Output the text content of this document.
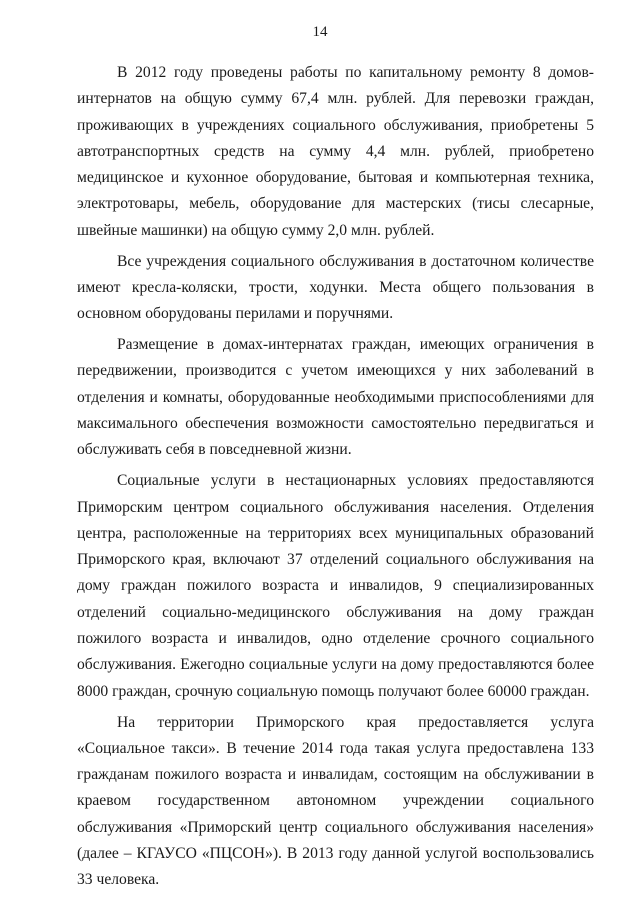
14

В 2012 году проведены работы по капитальному ремонту 8 домов-интернатов на общую сумму 67,4 млн. рублей. Для перевозки граждан, проживающих в учреждениях социального обслуживания, приобретены 5 автотранспортных средств на сумму 4,4 млн. рублей, приобретено медицинское и кухонное оборудование, бытовая и компьютерная техника, электротовары, мебель, оборудование для мастерских (тисы слесарные, швейные машинки) на общую сумму 2,0 млн. рублей.

Все учреждения социального обслуживания в достаточном количестве имеют кресла-коляски, трости, ходунки. Места общего пользования в основном оборудованы перилами и поручнями.

Размещение в домах-интернатах граждан, имеющих ограничения в передвижении, производится с учетом имеющихся у них заболеваний в отделения и комнаты, оборудованные необходимыми приспособлениями для максимального обеспечения возможности самостоятельно передвигаться и обслуживать себя в повседневной жизни.

Социальные услуги в нестационарных условиях предоставляются Приморским центром социального обслуживания населения. Отделения центра, расположенные на территориях всех муниципальных образований Приморского края, включают 37 отделений социального обслуживания на дому граждан пожилого возраста и инвалидов, 9 специализированных отделений социально-медицинского обслуживания на дому граждан пожилого возраста и инвалидов, одно отделение срочного социального обслуживания. Ежегодно социальные услуги на дому предоставляются более 8000 граждан, срочную социальную помощь получают более 60000 граждан.

На территории Приморского края предоставляется услуга «Социальное такси». В течение 2014 года такая услуга предоставлена 133 гражданам пожилого возраста и инвалидам, состоящим на обслуживании в краевом государственном автономном учреждении социального обслуживания «Приморский центр социального обслуживания населения» (далее – КГАУСО «ПЦСОН»). В 2013 году данной услугой воспользовались 33 человека.
